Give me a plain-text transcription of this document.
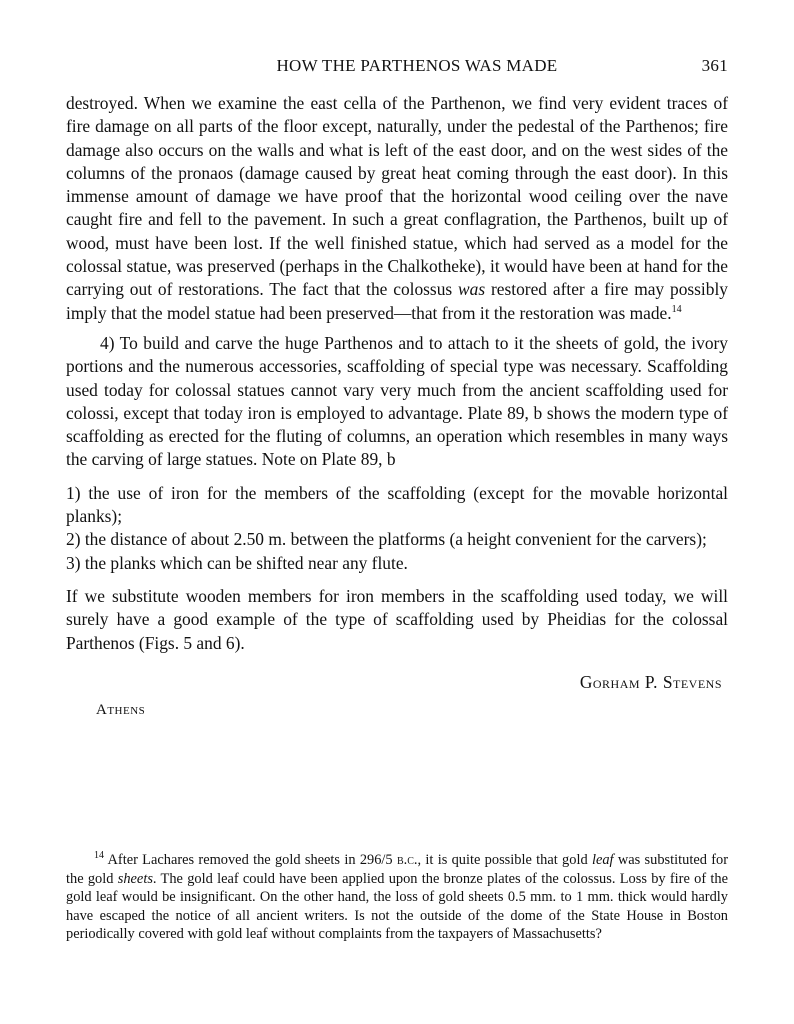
HOW THE PARTHENOS WAS MADE	361

destroyed. When we examine the east cella of the Parthenon, we find very evident traces of fire damage on all parts of the floor except, naturally, under the pedestal of the Parthenos; fire damage also occurs on the walls and what is left of the east door, and on the west sides of the columns of the pronaos (damage caused by great heat coming through the east door). In this immense amount of damage we have proof that the horizontal wood ceiling over the nave caught fire and fell to the pavement. In such a great conflagration, the Parthenos, built up of wood, must have been lost. If the well finished statue, which had served as a model for the colossal statue, was preserved (perhaps in the Chalkotheke), it would have been at hand for the carrying out of restorations. The fact that the colossus was restored after a fire may possibly imply that the model statue had been preserved—that from it the restoration was made.$^{14}$

4) To build and carve the huge Parthenos and to attach to it the sheets of gold, the ivory portions and the numerous accessories, scaffolding of special type was necessary. Scaffolding used today for colossal statues cannot vary very much from the ancient scaffolding used for colossi, except that today iron is employed to advantage. Plate 89, b shows the modern type of scaffolding as erected for the fluting of columns, an operation which resembles in many ways the carving of large statues. Note on Plate 89, b

1) the use of iron for the members of the scaffolding (except for the movable horizontal planks);

2) the distance of about 2.50 m. between the platforms (a height convenient for the carvers);

3) the planks which can be shifted near any flute.

If we substitute wooden members for iron members in the scaffolding used today, we will surely have a good example of the type of scaffolding used by Pheidias for the colossal Parthenos (Figs. 5 and 6).

Gorham P. Stevens

Athens

$^{14}$ After Lachares removed the gold sheets in 296/5 b.c., it is quite possible that gold leaf was substituted for the gold sheets. The gold leaf could have been applied upon the bronze plates of the colossus. Loss by fire of the gold leaf would be insignificant. On the other hand, the loss of gold sheets 0.5 mm. to 1 mm. thick would hardly have escaped the notice of all ancient writers. Is not the outside of the dome of the State House in Boston periodically covered with gold leaf without complaints from the taxpayers of Massachusetts?
